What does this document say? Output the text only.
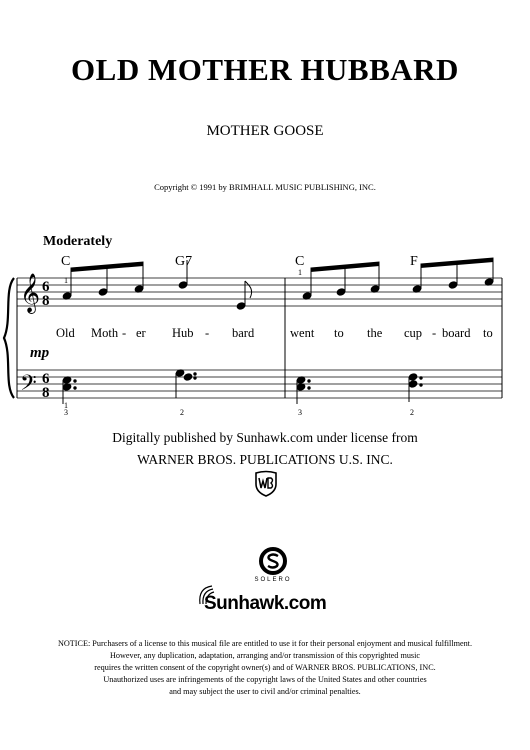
OLD MOTHER HUBBARD
MOTHER GOOSE
Copyright © 1991 by BRIMHALL MUSIC PUBLISHING, INC.
Moderately
C	G7	C	F
𝄞
𝄢
6
8
6
8
1
1
3	2
1
3	2
mp
Old Moth - er Hub - bard	went to the cup - board to
Digitally published by Sunhawk.com under license from
WARNER BROS. PUBLICATIONS U.S. INC.
SOLERO
Sunhawk.com
NOTICE: Purchasers of a license to this musical file are entitled to use it for their personal enjoyment and musical fulfillment.
However, any duplication, adaptation, arranging and/or transmission of this copyrighted music
requires the written consent of the copyright owner(s) and of WARNER BROS. PUBLICATIONS, INC.
Unauthorized uses are infringements of the copyright laws of the United States and other countries
and may subject the user to civil and/or criminal penalties.
